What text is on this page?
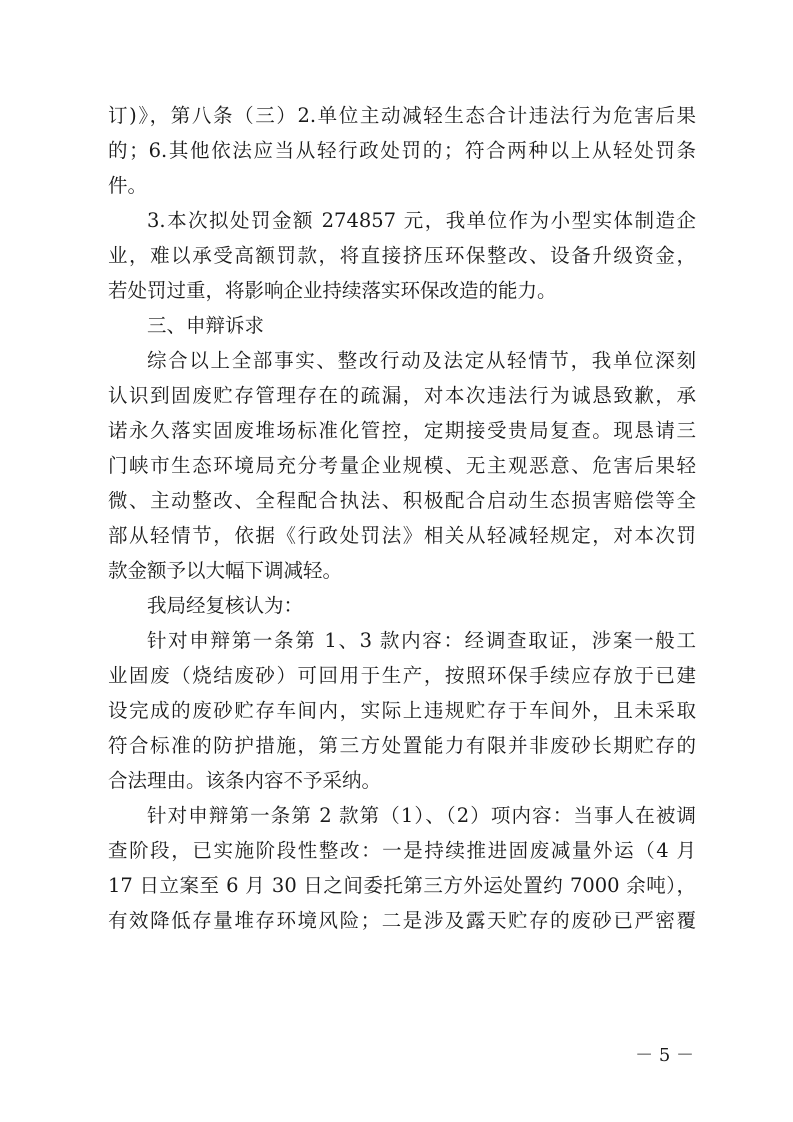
订)》，第八条（三）2.单位主动减轻生态合计违法行为危害后果
的；6.其他依法应当从轻行政处罚的；符合两种以上从轻处罚条
件。
3.本次拟处罚金额 274857 元，我单位作为小型实体制造企
业，难以承受高额罚款，将直接挤压环保整改、设备升级资金，
若处罚过重，将影响企业持续落实环保改造的能力。
三、申辩诉求
综合以上全部事实、整改行动及法定从轻情节，我单位深刻
认识到固废贮存管理存在的疏漏，对本次违法行为诚恳致歉，承
诺永久落实固废堆场标准化管控，定期接受贵局复查。现恳请三
门峡市生态环境局充分考量企业规模、无主观恶意、危害后果轻
微、主动整改、全程配合执法、积极配合启动生态损害赔偿等全
部从轻情节，依据《行政处罚法》相关从轻减轻规定，对本次罚
款金额予以大幅下调减轻。
我局经复核认为：
针对申辩第一条第 1、3 款内容：经调查取证，涉案一般工
业固废（烧结废砂）可回用于生产，按照环保手续应存放于已建
设完成的废砂贮存车间内，实际上违规贮存于车间外，且未采取
符合标准的防护措施，第三方处置能力有限并非废砂长期贮存的
合法理由。该条内容不予采纳。
针对申辩第一条第 2 款第（1）、（2）项内容：当事人在被调
查阶段，已实施阶段性整改：一是持续推进固废减量外运（4 月
17 日立案至 6 月 30 日之间委托第三方外运处置约 7000 余吨），
有效降低存量堆存环境风险；二是涉及露天贮存的废砂已严密覆
－ 5 －
